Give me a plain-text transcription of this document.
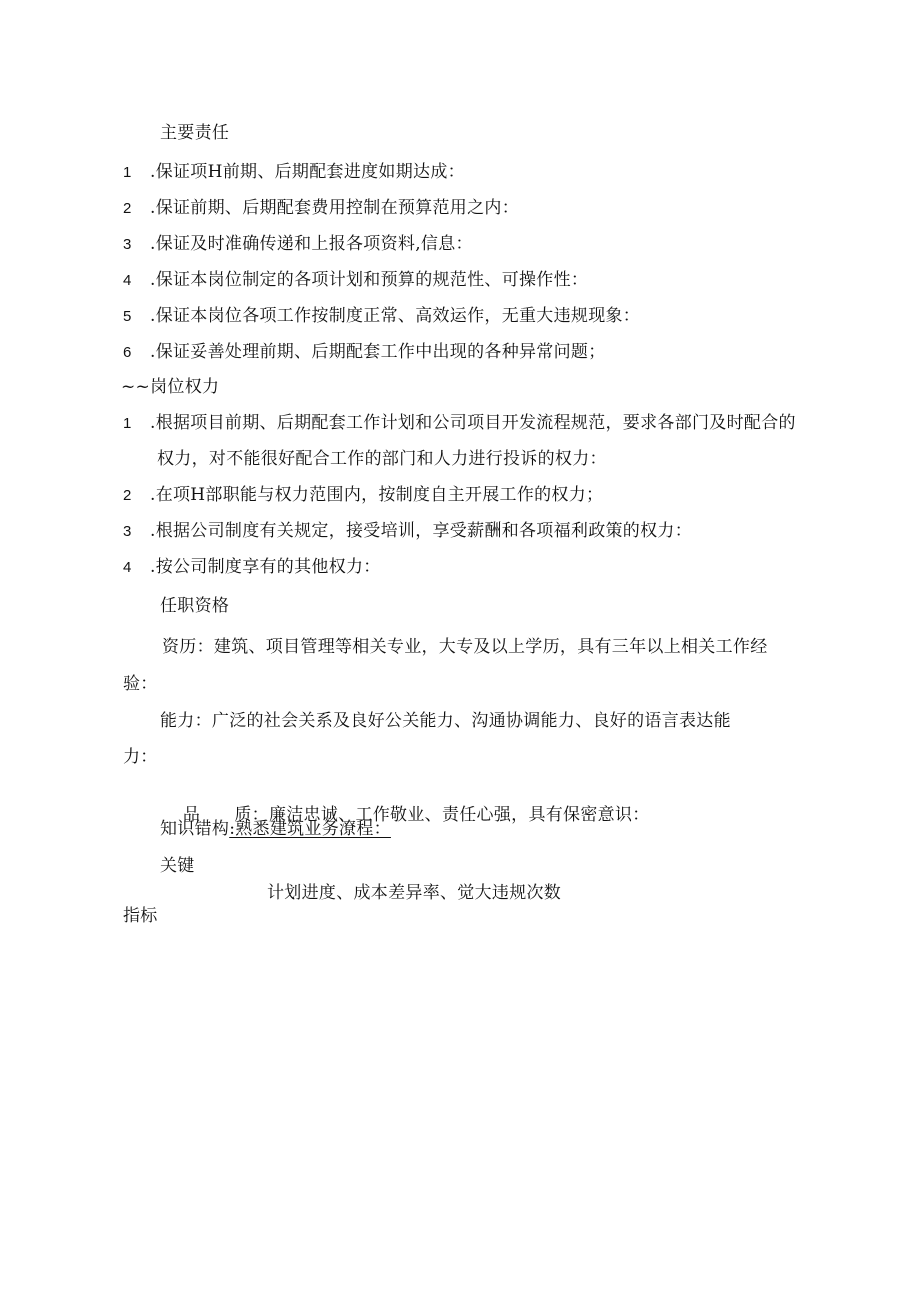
主要责任
1 .保证项H前期、后期配套进度如期达成：
2 .保证前期、后期配套费用控制在预算范用之内：
3 .保证及时准确传递和上报各项资料,信息：
4 .保证本岗位制定的各项计划和预算的规范性、可操作性：
5 .保证本岗位各项工作按制度正常、高效运作，无重大违规现象：
6 .保证妥善处理前期、后期配套工作中出现的各种异常问题；
~~岗位权力
1 .根据项目前期、后期配套工作计划和公司项目开发流程规范，要求各部门及时配合的
权力，对不能很好配合工作的部门和人力进行投诉的权力：
2 .在项H部职能与权力范围内，按制度自主开展工作的权力；
3 .根据公司制度有关规定，接受培训，享受薪酬和各项福利政策的权力：
4 .按公司制度享有的其他权力：
任职资格
资历：建筑、项目管理等相关专业，大专及以上学历，具有三年以上相关工作经
验：
能力：广泛的社会关系及良好公关能力、沟通协调能力、良好的语言表达能
力：

品      质：廉洁忠诚、工作敬业、责任心强，具有保密意识：

知识错构:熟悉建筑业务潦程：
关键
计划进度、成本差异率、觉大违规次数
指标
